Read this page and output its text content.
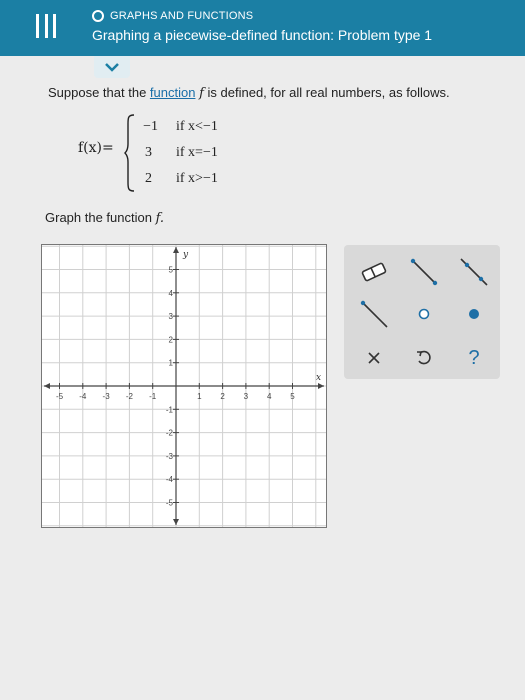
GRAPHS AND FUNCTIONS
Graphing a piecewise-defined function: Problem type 1
Suppose that the function f is defined, for all real numbers, as follows.
f(x)=
−1 if x<−1
3 if x=−1
2 if x>−1
Graph the function f.
x
y
-5 -4 -3 -2 -1	1 2 3 4 5
5
4
3
2
1
-1
-2
-3
-4
-5
?
